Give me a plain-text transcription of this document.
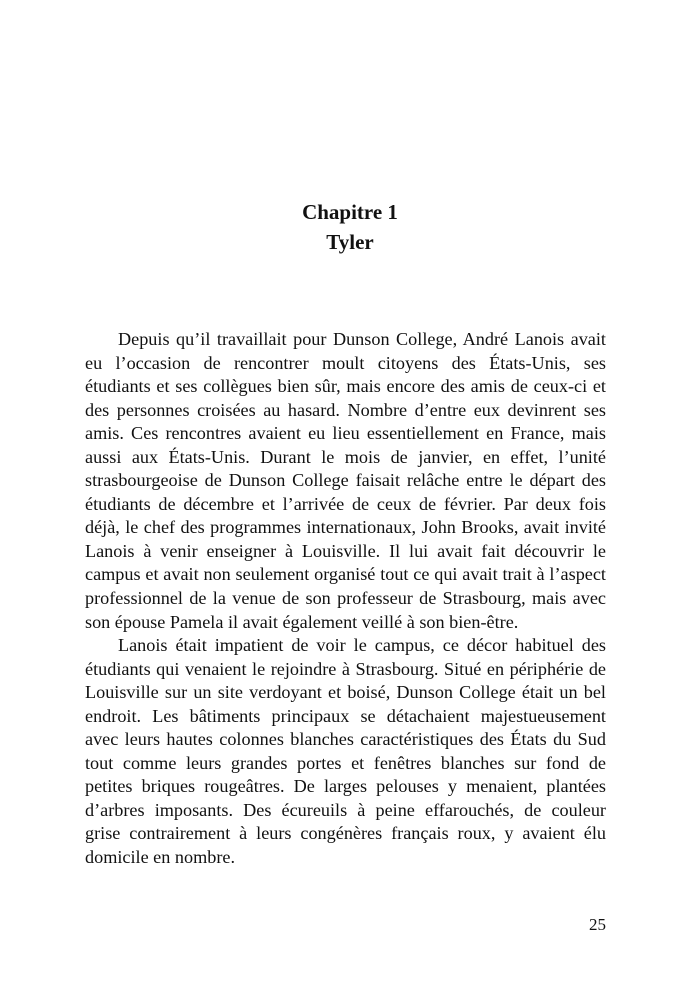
Chapitre 1
Tyler
Depuis qu’il travaillait pour Dunson College, André Lanois avait
eu l’occasion de rencontrer moult citoyens des États-Unis, ses
étudiants et ses collègues bien sûr, mais encore des amis de ceux-ci et
des personnes croisées au hasard. Nombre d’entre eux devinrent ses
amis. Ces rencontres avaient eu lieu essentiellement en France, mais
aussi aux États-Unis. Durant le mois de janvier, en effet, l’unité
strasbourgeoise de Dunson College faisait relâche entre le départ des
étudiants de décembre et l’arrivée de ceux de février. Par deux fois
déjà, le chef des programmes internationaux, John Brooks, avait invité
Lanois à venir enseigner à Louisville. Il lui avait fait découvrir le
campus et avait non seulement organisé tout ce qui avait trait à l’aspect
professionnel de la venue de son professeur de Strasbourg, mais avec
son épouse Pamela il avait également veillé à son bien-être.
Lanois était impatient de voir le campus, ce décor habituel des
étudiants qui venaient le rejoindre à Strasbourg. Situé en périphérie de
Louisville sur un site verdoyant et boisé, Dunson College était un bel
endroit. Les bâtiments principaux se détachaient majestueusement
avec leurs hautes colonnes blanches caractéristiques des États du Sud
tout comme leurs grandes portes et fenêtres blanches sur fond de
petites briques rougeâtres. De larges pelouses y menaient, plantées
d’arbres imposants. Des écureuils à peine effarouchés, de couleur
grise contrairement à leurs congénères français roux, y avaient élu
domicile en nombre.
25
